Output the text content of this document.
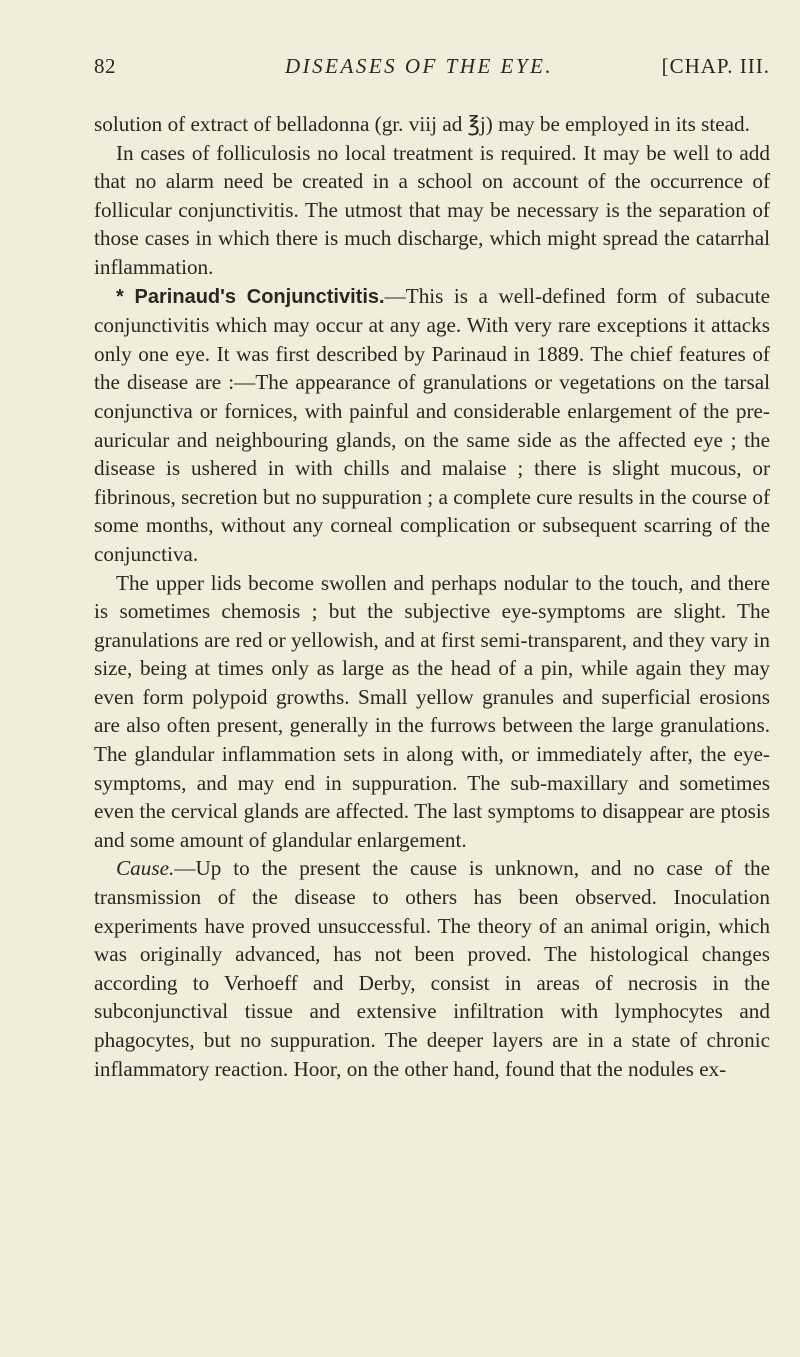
82	DISEASES OF THE EYE.	[CHAP. III.

solution of extract of belladonna (gr. viij ad ℥j) may be employed in its stead.

In cases of folliculosis no local treatment is required. It may be well to add that no alarm need be created in a school on account of the occurrence of follicular conjunctivitis. The utmost that may be necessary is the separation of those cases in which there is much discharge, which might spread the catarrhal inflammation.

* Parinaud's Conjunctivitis.—This is a well-defined form of subacute conjunctivitis which may occur at any age. With very rare exceptions it attacks only one eye. It was first described by Parinaud in 1889. The chief features of the disease are :—The appearance of granulations or vegetations on the tarsal conjunctiva or fornices, with painful and considerable enlargement of the pre-auricular and neighbouring glands, on the same side as the affected eye ; the disease is ushered in with chills and malaise ; there is slight mucous, or fibrinous, secretion but no suppuration ; a complete cure results in the course of some months, without any corneal complication or subsequent scarring of the conjunctiva.

The upper lids become swollen and perhaps nodular to the touch, and there is sometimes chemosis ; but the subjective eye-symptoms are slight. The granulations are red or yellowish, and at first semi-transparent, and they vary in size, being at times only as large as the head of a pin, while again they may even form polypoid growths. Small yellow granules and superficial erosions are also often present, generally in the furrows between the large granulations. The glandular inflammation sets in along with, or immediately after, the eye-symptoms, and may end in suppuration. The sub-maxillary and sometimes even the cervical glands are affected. The last symptoms to disappear are ptosis and some amount of glandular enlargement.

Cause.—Up to the present the cause is unknown, and no case of the transmission of the disease to others has been observed. Inoculation experiments have proved unsuccessful. The theory of an animal origin, which was originally advanced, has not been proved. The histological changes according to Verhoeff and Derby, consist in areas of necrosis in the subconjunctival tissue and extensive infiltration with lymphocytes and phagocytes, but no suppuration. The deeper layers are in a state of chronic inflammatory reaction. Hoor, on the other hand, found that the nodules ex-
